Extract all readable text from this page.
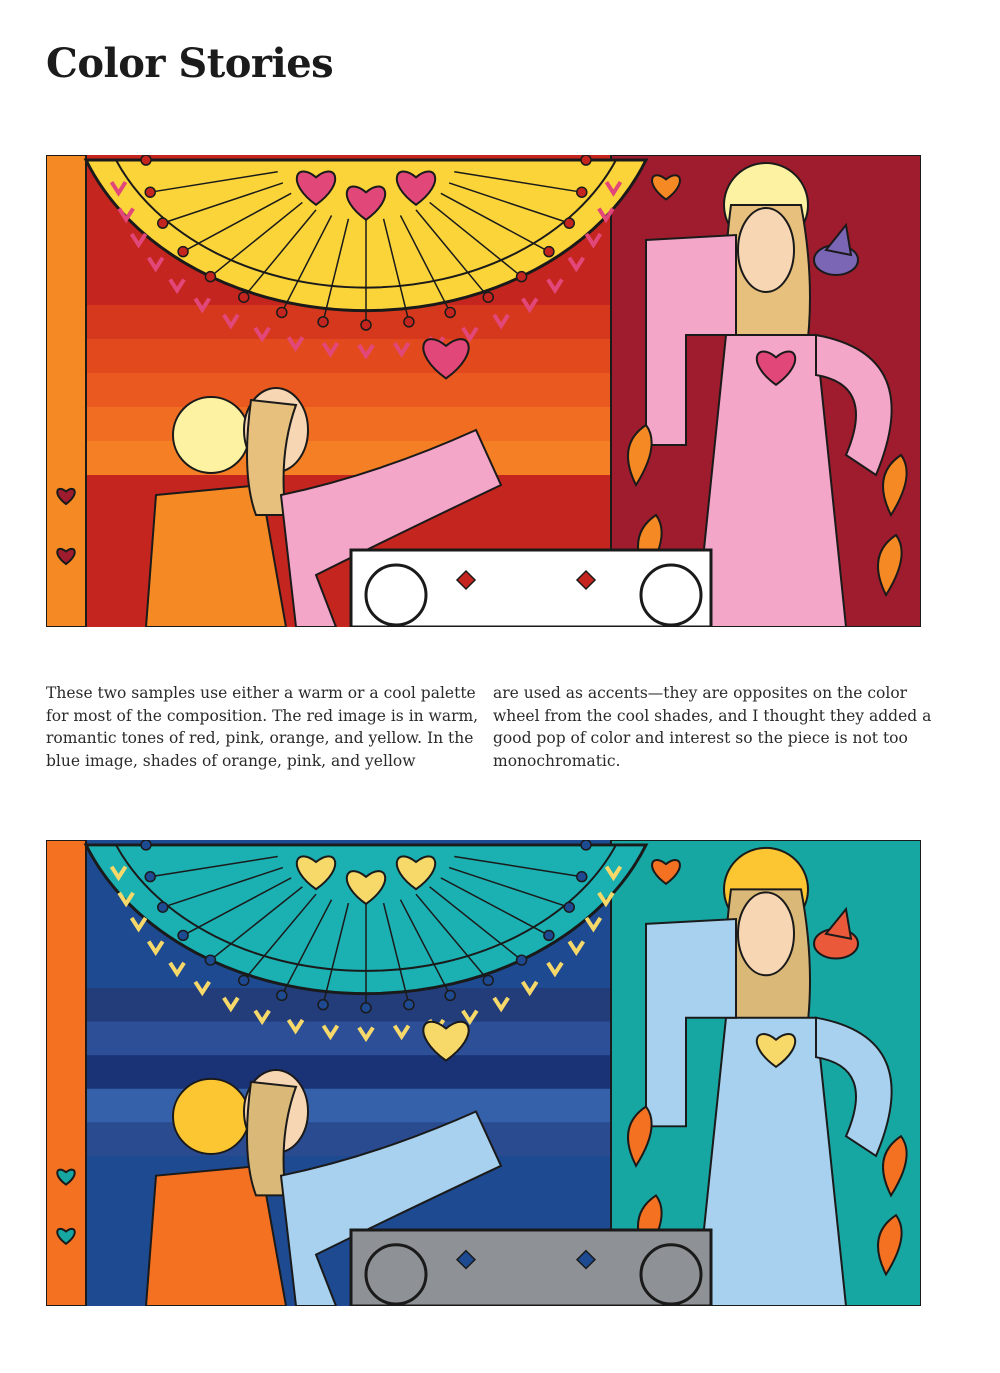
Color Stories

These two samples use either a warm or a cool palette for most of the composition. The red image is in warm, romantic tones of red, pink, orange, and yellow. In the blue image, shades of orange, pink, and yellow

are used as accents—they are opposites on the color wheel from the cool shades, and I thought they added a good pop of color and interest so the piece is not too monochromatic.
